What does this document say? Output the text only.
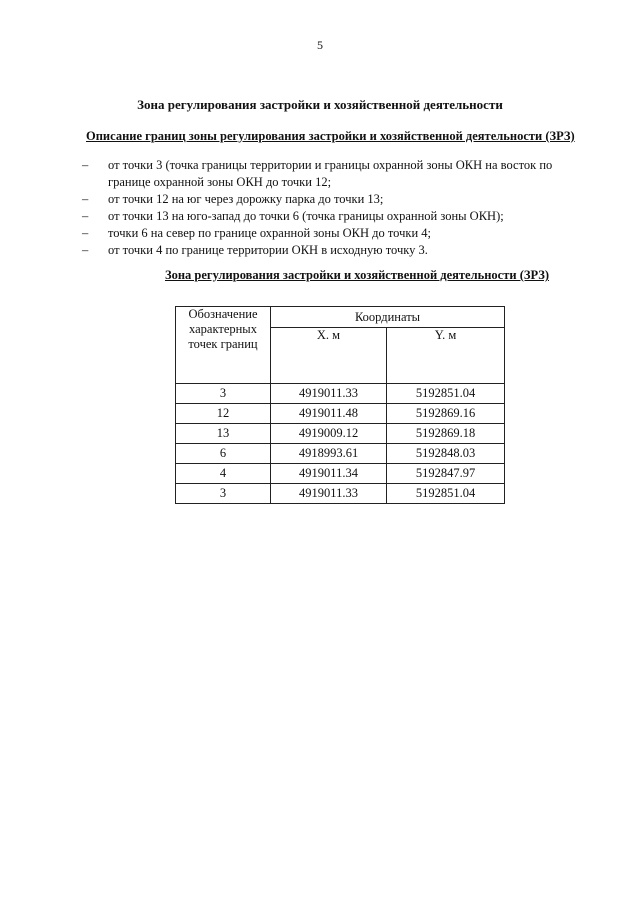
5
Зона регулирования застройки и хозяйственной деятельности
Описание границ зоны регулирования застройки и хозяйственной деятельности (ЗРЗ)
– от точки 3 (точка границы территории и границы охранной зоны ОКН на восток по границе охранной зоны ОКН до точки 12;
– от точки 12 на юг через дорожку парка до точки 13;
– от точки 13 на юго-запад до точки 6 (точка границы охранной зоны ОКН);
– точки 6 на север по границе охранной зоны ОКН до точки 4;
– от точки 4 по границе территории ОКН в исходную точку 3.
Зона регулирования застройки и хозяйственной деятельности (ЗРЗ)
Обозначение характерных точек границ	Координаты	
	X. м	Y. м
3	4919011.33	5192851.04
12	4919011.48	5192869.16
13	4919009.12	5192869.18
6	4918993.61	5192848.03
4	4919011.34	5192847.97
3	4919011.33	5192851.04
